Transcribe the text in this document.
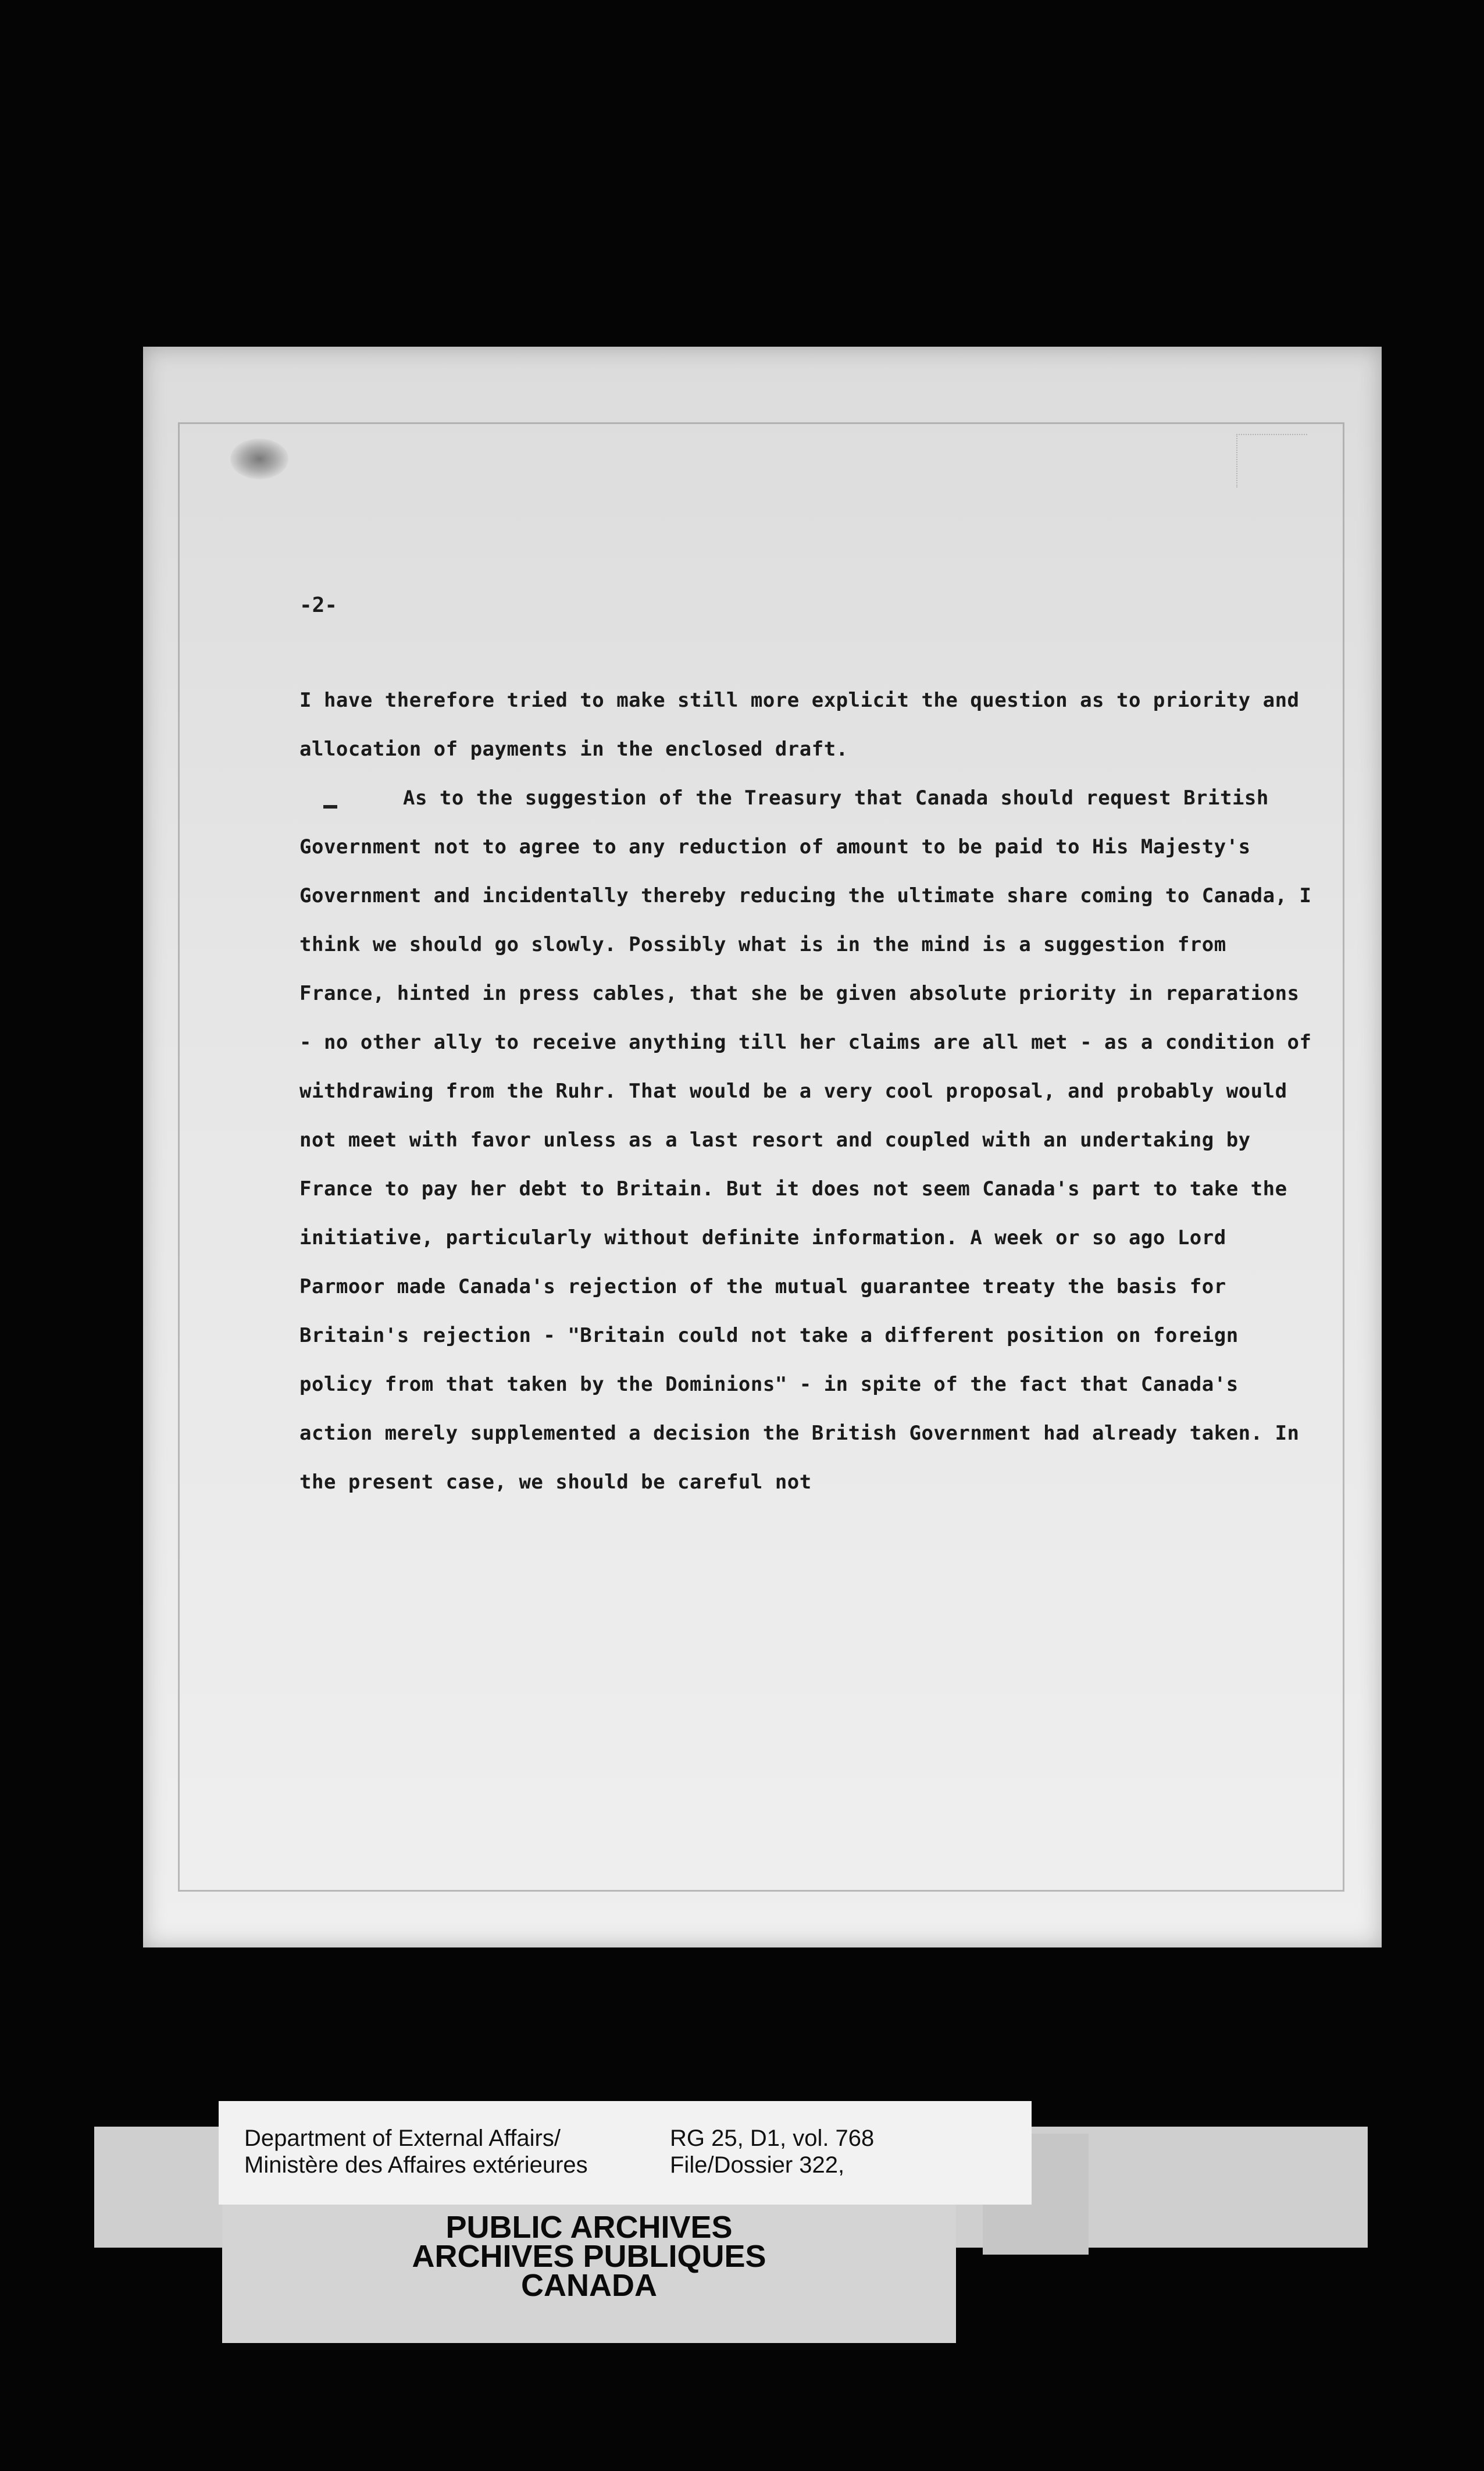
-2-

I have therefore tried to make still more explicit the question as to priority and allocation of payments in the enclosed draft.

As to the suggestion of the Treasury that Canada should request British Government not to agree to any reduction of amount to be paid to His Majesty's Government and incidentally thereby reducing the ultimate share coming to Canada, I think we should go slowly. Possibly what is in the mind is a suggestion from France, hinted in press cables, that she be given absolute priority in reparations - no other ally to receive anything till her claims are all met - as a condition of withdrawing from the Ruhr. That would be a very cool proposal, and probably would not meet with favor unless as a last resort and coupled with an undertaking by France to pay her debt to Britain. But it does not seem Canada's part to take the initiative, particularly without definite information. A week or so ago Lord Parmoor made Canada's rejection of the mutual guarantee treaty the basis for Britain's rejection - "Britain could not take a different position on foreign policy from that taken by the Dominions" - in spite of the fact that Canada's action merely supplemented a decision the British Government had already taken. In the present case, we should be careful not

Department of External Affairs/
Ministère des Affaires extérieures
RG 25, D1, vol. 768
File/Dossier 322,
PUBLIC ARCHIVES
ARCHIVES PUBLIQUES
CANADA
